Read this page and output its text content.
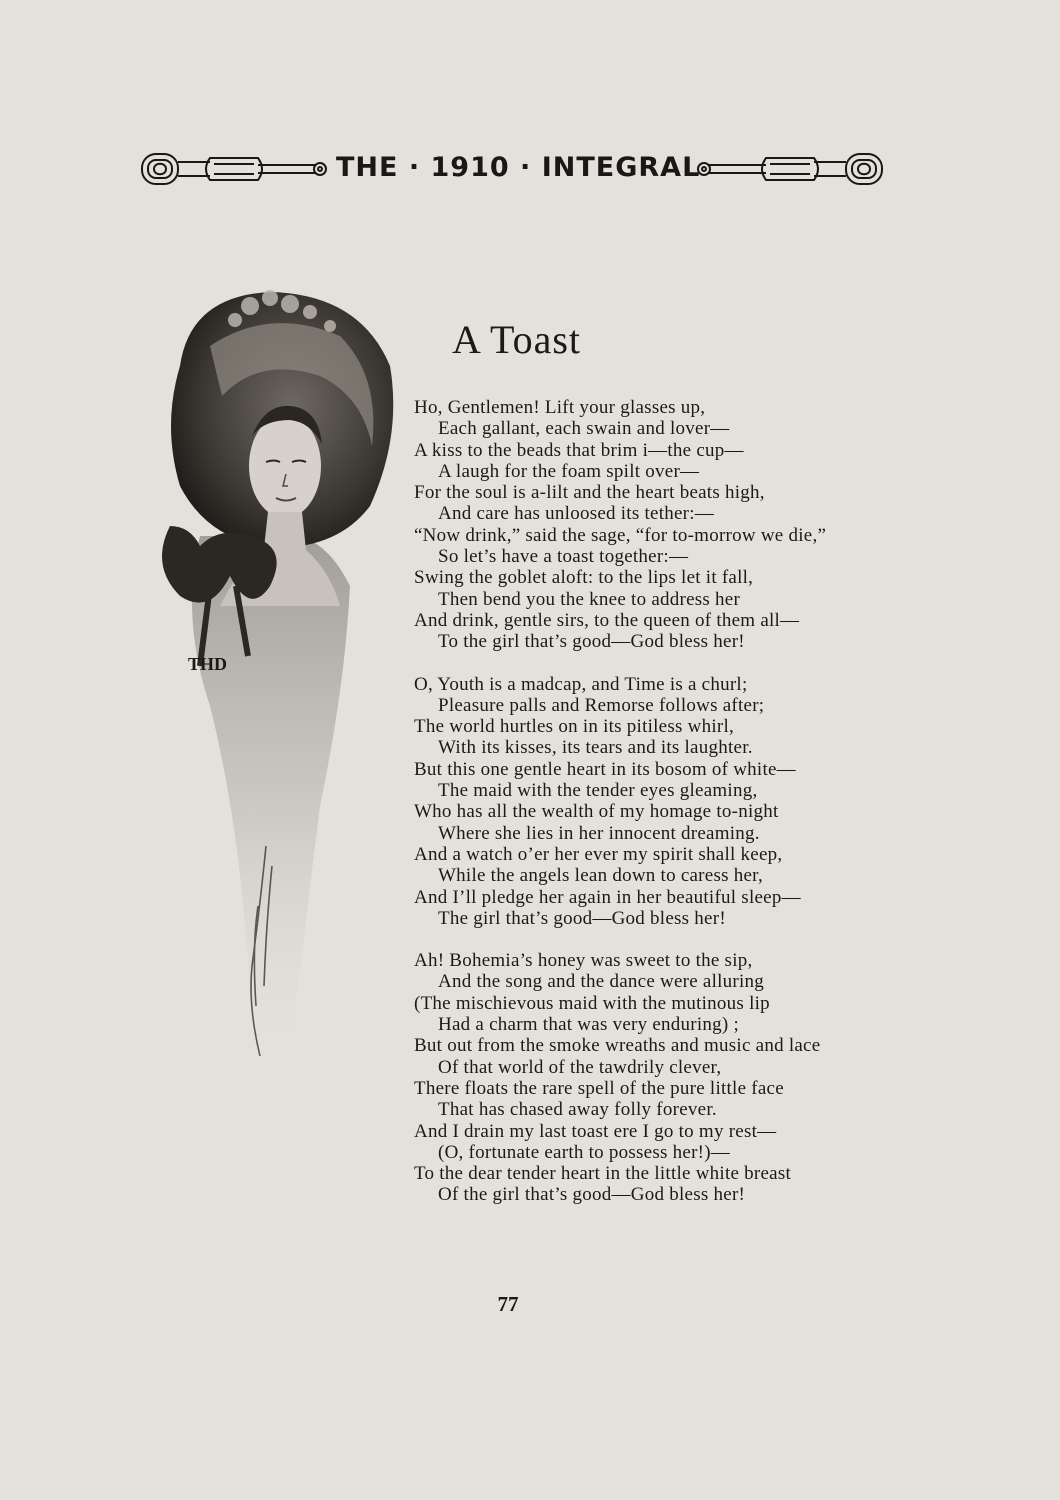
THE · 1910 · INTEGRAL
THD
A Toast
Ho, Gentlemen! Lift your glasses up,
Each gallant, each swain and lover—
A kiss to the beads that brim i—the cup—
A laugh for the foam spilt over—
For the soul is a-lilt and the heart beats high,
And care has unloosed its tether:—
“Now drink,” said the sage, “for to-morrow we die,”
So let’s have a toast together:—
Swing the goblet aloft: to the lips let it fall,
Then bend you the knee to address her
And drink, gentle sirs, to the queen of them all—
To the girl that’s good—God bless her!
O, Youth is a madcap, and Time is a churl;
Pleasure palls and Remorse follows after;
The world hurtles on in its pitiless whirl,
With its kisses, its tears and its laughter.
But this one gentle heart in its bosom of white—
The maid with the tender eyes gleaming,
Who has all the wealth of my homage to-night
Where she lies in her innocent dreaming.
And a watch o’er her ever my spirit shall keep,
While the angels lean down to caress her,
And I’ll pledge her again in her beautiful sleep—
The girl that’s good—God bless her!
Ah! Bohemia’s honey was sweet to the sip,
And the song and the dance were alluring
(The mischievous maid with the mutinous lip
Had a charm that was very enduring) ;
But out from the smoke wreaths and music and lace
Of that world of the tawdrily clever,
There floats the rare spell of the pure little face
That has chased away folly forever.
And I drain my last toast ere I go to my rest—
(O, fortunate earth to possess her!)—
To the dear tender heart in the little white breast
Of the girl that’s good—God bless her!
77
